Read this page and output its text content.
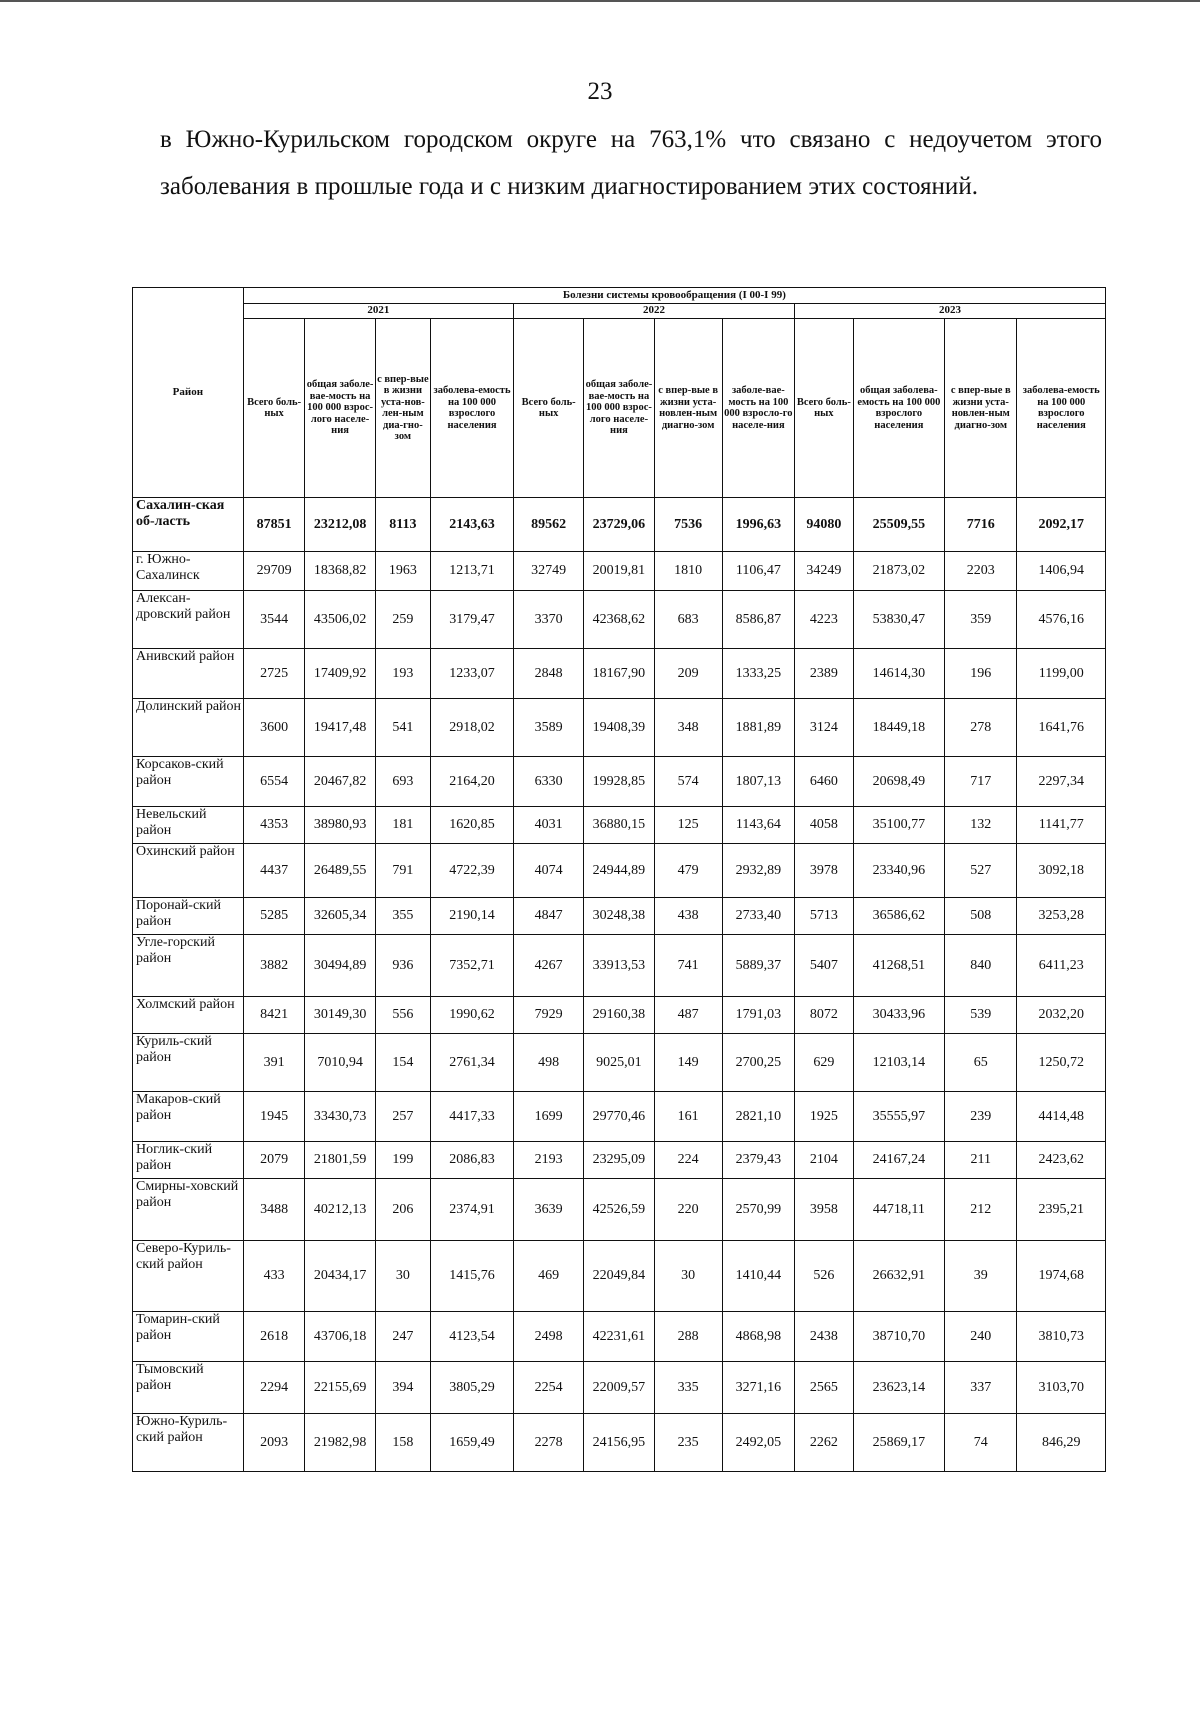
23
в Южно-Курильском городском округе на 763,1% что связано с недоучетом этого заболевания в прошлые года и с низким диагностированием этих состояний.
Район	Болезни системы кровообращения (I 00-I 99)											
	2021				2022				2023			
	Всего боль-ных	общая заболе-вае-мость на 100 000 взрос-лого населе-ния	с впер-вые в жизни уста-нов-лен-ным диа-гно-зом	заболева-емость на 100 000 взрослого населения	Всего боль-ных	общая заболе-вае-мость на 100 000 взрос-лого населе-ния	с впер-вые в жизни уста-новлен-ным диагно-зом	заболе-вае-мость на 100 000 взросло-го населе-ния	Всего боль-ных	общая заболева-емость на 100 000 взрослого населения	с впер-вые в жизни уста-новлен-ным диагно-зом	заболева-емость на 100 000 взрослого населения
Сахалин-ская об-ласть	87851	23212,08	8113	2143,63	89562	23729,06	7536	1996,63	94080	25509,55	7716	2092,17
г. Южно-Сахалинск	29709	18368,82	1963	1213,71	32749	20019,81	1810	1106,47	34249	21873,02	2203	1406,94
Алексан-дровский район	3544	43506,02	259	3179,47	3370	42368,62	683	8586,87	4223	53830,47	359	4576,16
Анивский район	2725	17409,92	193	1233,07	2848	18167,90	209	1333,25	2389	14614,30	196	1199,00
Долинский район	3600	19417,48	541	2918,02	3589	19408,39	348	1881,89	3124	18449,18	278	1641,76
Корсаков-ский район	6554	20467,82	693	2164,20	6330	19928,85	574	1807,13	6460	20698,49	717	2297,34
Невельский район	4353	38980,93	181	1620,85	4031	36880,15	125	1143,64	4058	35100,77	132	1141,77
Охинский район	4437	26489,55	791	4722,39	4074	24944,89	479	2932,89	3978	23340,96	527	3092,18
Поронай-ский район	5285	32605,34	355	2190,14	4847	30248,38	438	2733,40	5713	36586,62	508	3253,28
Угле-горский район	3882	30494,89	936	7352,71	4267	33913,53	741	5889,37	5407	41268,51	840	6411,23
Холмский район	8421	30149,30	556	1990,62	7929	29160,38	487	1791,03	8072	30433,96	539	2032,20
Куриль-ский район	391	7010,94	154	2761,34	498	9025,01	149	2700,25	629	12103,14	65	1250,72
Макаров-ский район	1945	33430,73	257	4417,33	1699	29770,46	161	2821,10	1925	35555,97	239	4414,48
Ноглик-ский район	2079	21801,59	199	2086,83	2193	23295,09	224	2379,43	2104	24167,24	211	2423,62
Смирны-ховский район	3488	40212,13	206	2374,91	3639	42526,59	220	2570,99	3958	44718,11	212	2395,21
Северо-Куриль-ский район	433	20434,17	30	1415,76	469	22049,84	30	1410,44	526	26632,91	39	1974,68
Томарин-ский район	2618	43706,18	247	4123,54	2498	42231,61	288	4868,98	2438	38710,70	240	3810,73
Тымовский район	2294	22155,69	394	3805,29	2254	22009,57	335	3271,16	2565	23623,14	337	3103,70
Южно-Куриль-ский район	2093	21982,98	158	1659,49	2278	24156,95	235	2492,05	2262	25869,17	74	846,29
